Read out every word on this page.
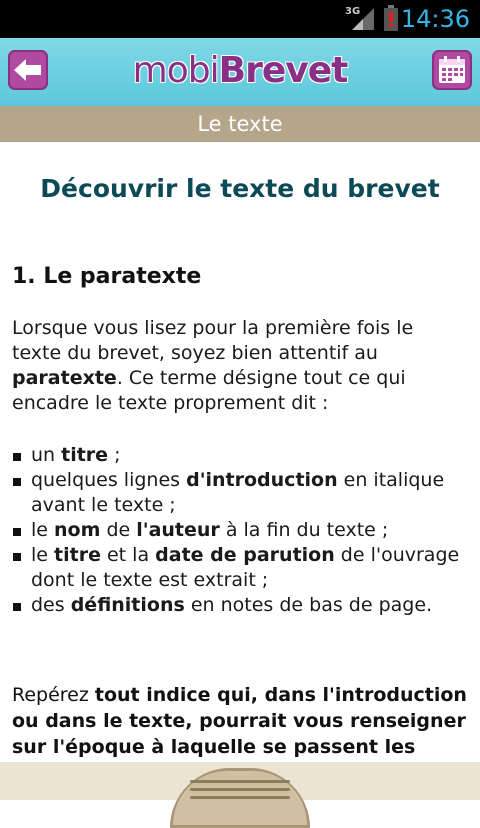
3G 14:36
mobiBrevet
Le texte
Découvrir le texte du brevet
1. Le paratexte

Lorsque vous lisez pour la première fois le texte du brevet, soyez bien attentif au paratexte. Ce terme désigne tout ce qui encadre le texte proprement dit :

un titre ;
quelques lignes d'introduction en italique avant le texte ;
le nom de l'auteur à la fin du texte ;
le titre et la date de parution de l'ouvrage dont le texte est extrait ;
des définitions en notes de bas de page.

Repérez tout indice qui, dans l'introduction ou dans le texte, pourrait vous renseigner sur l'époque à laquelle se passent les
